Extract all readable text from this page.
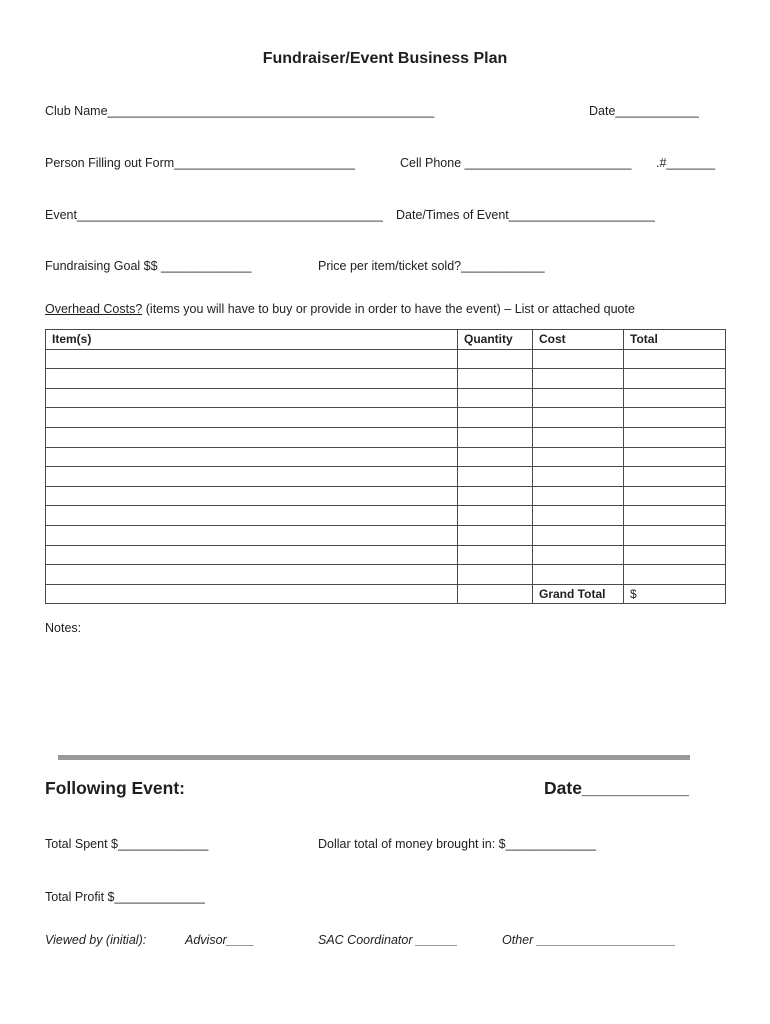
Fundraiser/Event Business Plan
Club Name_______________________________________________	Date____________
Person Filling out Form__________________________	Cell Phone ________________________ .#_______
Event____________________________________________ Date/Times of Event_____________________
Fundraising Goal $$ _____________	Price per item/ticket sold?____________
Overhead Costs? (items you will have to buy or provide in order to have the event) – List or attached quote
Item(s)	Quantity	Cost	Total

		Grand Total	$
Notes:
Following Event:	Date___________
Total Spent $_____________	Dollar total of money brought in: $_____________
Total Profit $_____________
Viewed by (initial):	Advisor____	SAC Coordinator ______	Other ____________________
